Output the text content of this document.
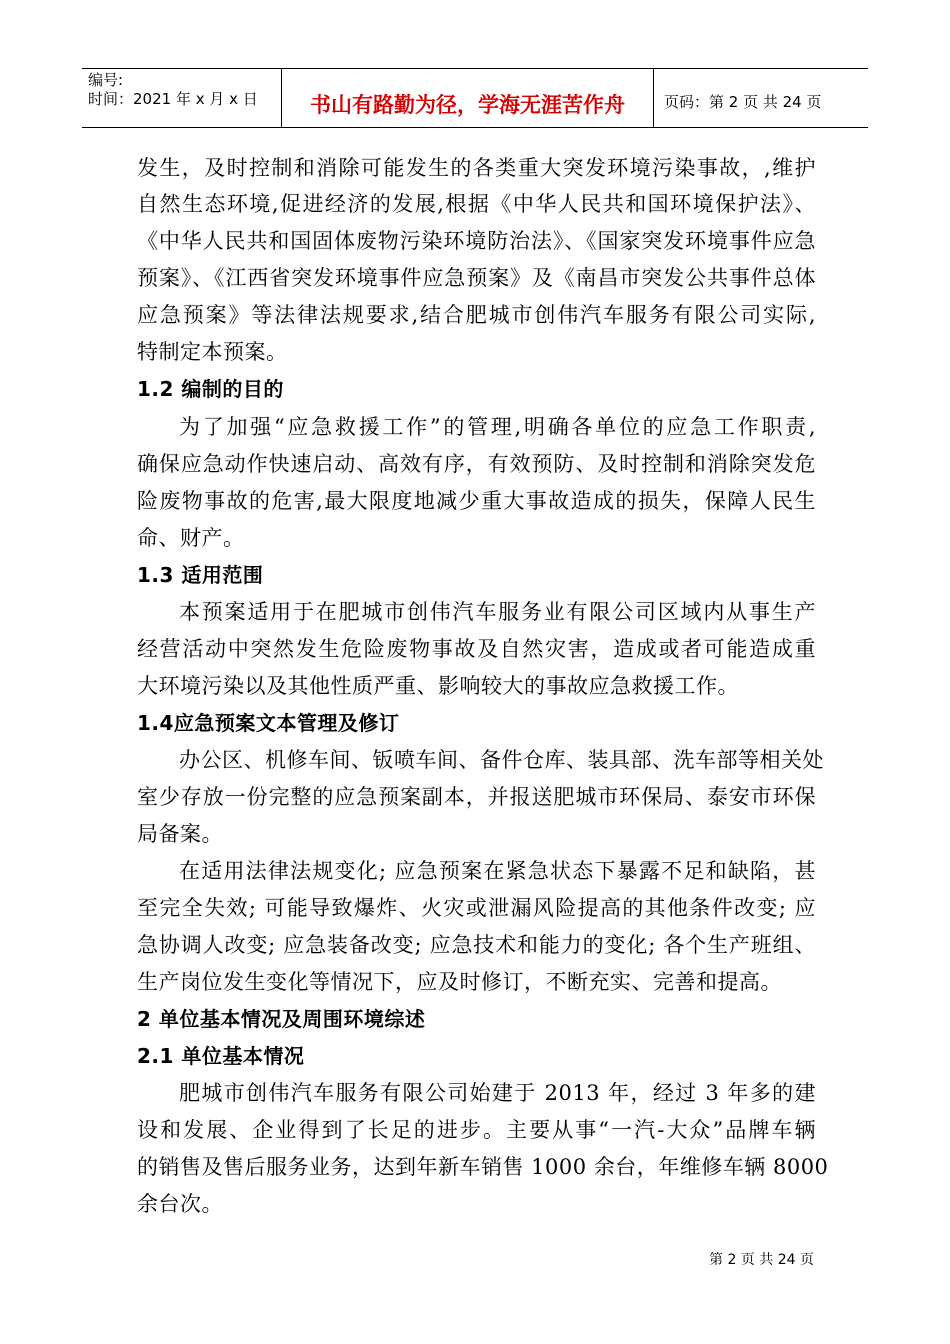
编号:
时间：2021 年 x 月 x 日	书山有路勤为径，学海无涯苦作舟	页码：第 2 页 共 24 页
发生，及时控制和消除可能发生的各类重大突发环境污染事故，,维护
自然生态环境,促进经济的发展,根据《中华人民共和国环境保护法》、
《中华人民共和国固体废物污染环境防治法》、《国家突发环境事件应急
预案》、《江西省突发环境事件应急预案》及《南昌市突发公共事件总体
应急预案》等法律法规要求,结合肥城市创伟汽车服务有限公司实际,
特制定本预案。
1.2 编制的目的
为了加强“应急救援工作”的管理,明确各单位的应急工作职责,
确保应急动作快速启动、高效有序，有效预防、及时控制和消除突发危
险废物事故的危害,最大限度地减少重大事故造成的损失，保障人民生
命、财产。
1.3 适用范围
本预案适用于在肥城市创伟汽车服务业有限公司区域内从事生产
经营活动中突然发生危险废物事故及自然灾害，造成或者可能造成重
大环境污染以及其他性质严重、影响较大的事故应急救援工作。
1.4应急预案文本管理及修订
办公区、机修车间、钣喷车间、备件仓库、装具部、洗车部等相关处
室少存放一份完整的应急预案副本，并报送肥城市环保局、泰安市环保
局备案。
在适用法律法规变化; 应急预案在紧急状态下暴露不足和缺陷，甚
至完全失效; 可能导致爆炸、火灾或泄漏风险提高的其他条件改变; 应
急协调人改变; 应急装备改变; 应急技术和能力的变化; 各个生产班组、
生产岗位发生变化等情况下，应及时修订，不断充实、完善和提高。
2 单位基本情况及周围环境综述
2.1 单位基本情况
肥城市创伟汽车服务有限公司始建于 2013 年，经过 3 年多的建
设和发展、企业得到了长足的进步。主要从事“一汽-大众”品牌车辆
的销售及售后服务业务，达到年新车销售 1000 余台，年维修车辆 8000
余台次。
第 2 页 共 24 页
